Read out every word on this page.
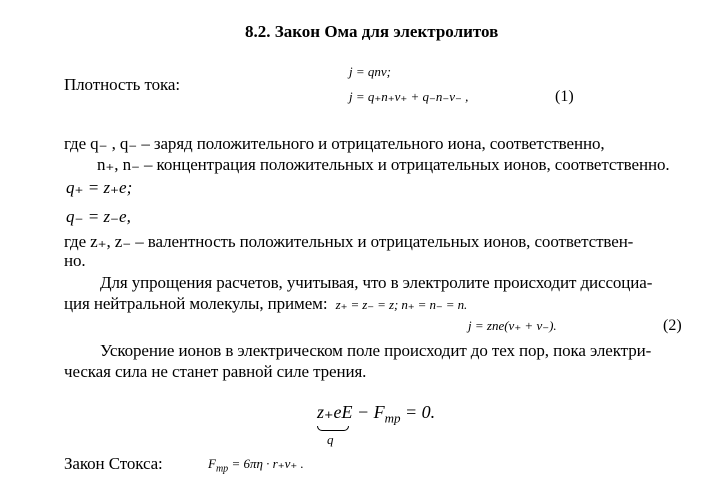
8.2. Закон Ома для электролитов
j = qnν;
Плотность тока:
j = q₊n₊ν₊ + q₋n₋ν₋ ,	(1)
где q₋ , q₋ – заряд положительного и отрицательного иона, соответственно,
n₊, n₋ – концентрация положительных и отрицательных ионов, соответственно.
q₊ = z₊e;
q₋ = z₋e,
где z₊, z₋ – валентность положительных и отрицательных ионов, соответствен-
но.
Для упрощения расчетов, учитывая, что в электролите происходит диссоциа-
ция нейтральной молекулы, примем: z₊ = z₋ = z; n₊ = n₋ = n.
j = zne(ν₊ + ν₋).	(2)
Ускорение ионов в электрическом поле происходит до тех пор, пока электри-
ческая сила не станет равной силе трения.
$z_+eE - F_{тр} = 0$.
q
Закон Стокса:	$F_{тр} = 6\pi\eta \cdot r_+\nu_+$ .
